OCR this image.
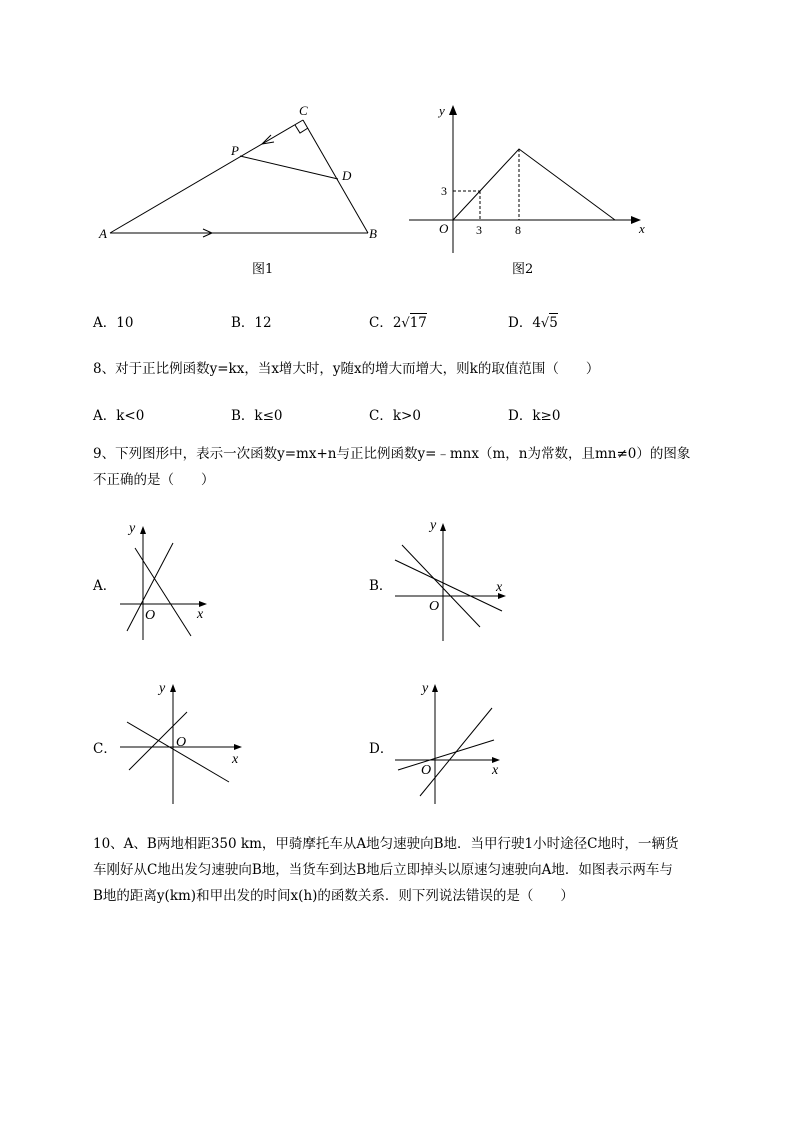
A	B
C
P
D
图1
y
x
O
3
3	8
图2
A．10	B．12	C．2√17	D．4√5
8、对于正比例函数y=kx，当x增大时，y随x的增大而增大，则k的取值范围（　　）
A．k<0	B．k≤0	C．k>0	D．k≥0
9、下列图形中，表示一次函数y=mx+n与正比例函数y=﹣mnx（m，n为常数，且mn≠0）的图象
不正确的是（　　）
A．
y
x
O
B．
y
x
O
C．
y
x
O	D．
y
x
O
10、A、B两地相距350 km，甲骑摩托车从A地匀速驶向B地．当甲行驶1小时途径C地时，一辆货
车刚好从C地出发匀速驶向B地，当货车到达B地后立即掉头以原速匀速驶向A地．如图表示两车与
B地的距离y(km)和甲出发的时间x(h)的函数关系．则下列说法错误的是（　　）
